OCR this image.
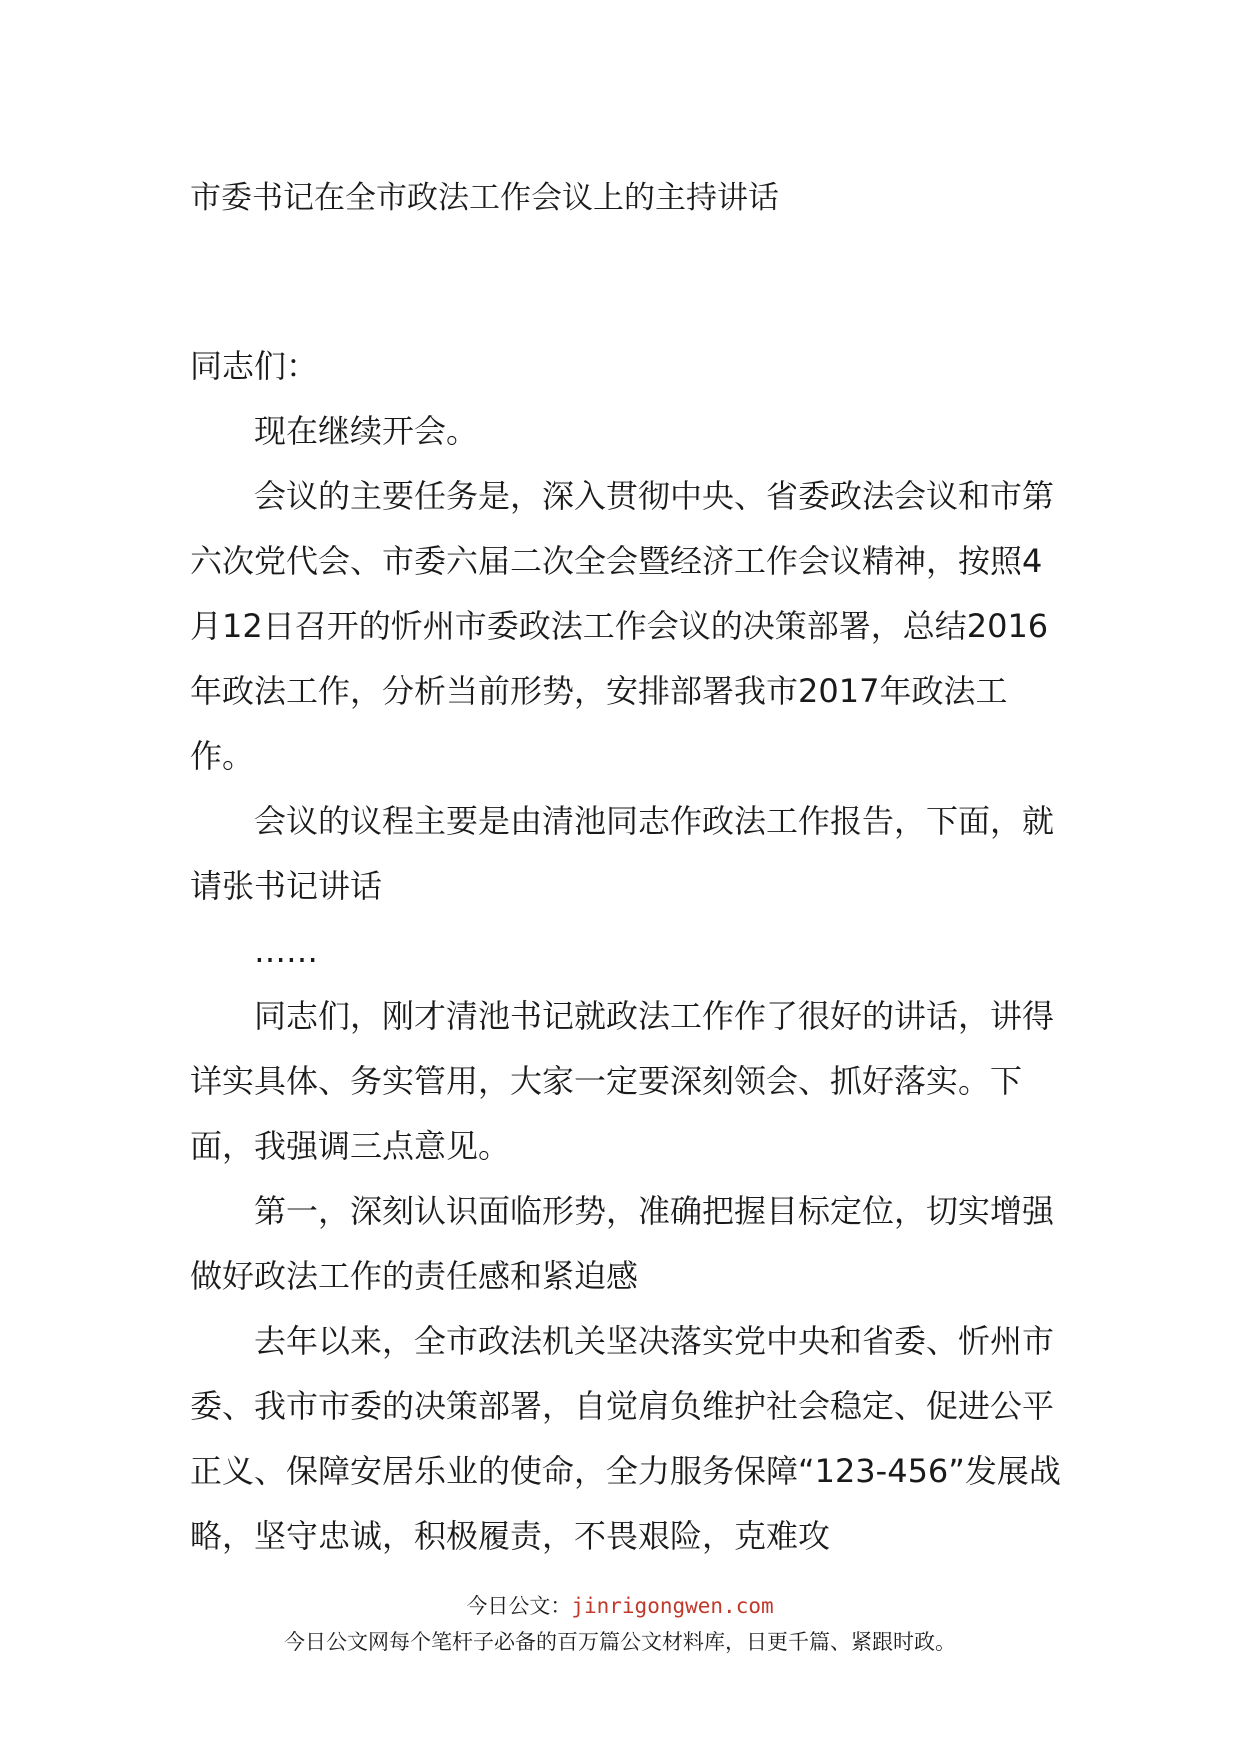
市委书记在全市政法工作会议上的主持讲话

同志们：

现在继续开会。

会议的主要任务是，深入贯彻中央、省委政法会议和市第六次党代会、市委六届二次全会暨经济工作会议精神，按照4月12日召开的忻州市委政法工作会议的决策部署，总结2016年政法工作，分析当前形势，安排部署我市2017年政法工作。

会议的议程主要是由清池同志作政法工作报告，下面，就请张书记讲话

……

同志们，刚才清池书记就政法工作作了很好的讲话，讲得详实具体、务实管用，大家一定要深刻领会、抓好落实。下面，我强调三点意见。

第一，深刻认识面临形势，准确把握目标定位，切实增强做好政法工作的责任感和紧迫感

去年以来，全市政法机关坚决落实党中央和省委、忻州市委、我市市委的决策部署，自觉肩负维护社会稳定、促进公平正义、保障安居乐业的使命，全力服务保障“123-456”发展战略，坚守忠诚，积极履责，不畏艰险，克难攻

今日公文：jinrigongwen.com
今日公文网每个笔杆子必备的百万篇公文材料库，日更千篇、紧跟时政。
